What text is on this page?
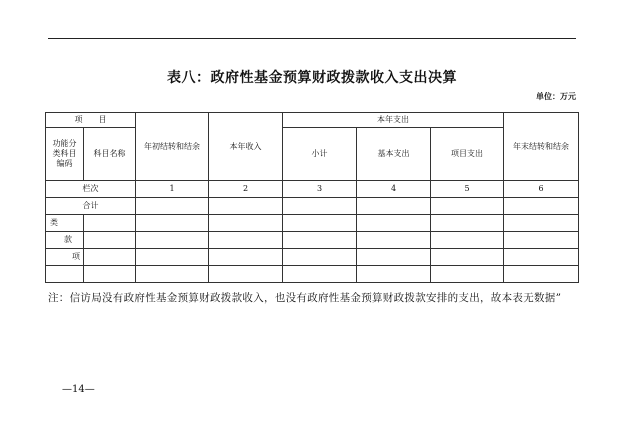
表八：政府性基金预算财政拨款收入支出决算
单位：万元
项　　目		年初结转和结余	本年收入	本年支出			年末结转和结余
功能分
类科目
编码	科目名称			小计	基本支出	项目支出	
栏次		1	2	3	4	5	6
合计							
类							
款							
项							

注：信访局没有政府性基金预算财政拨款收入，也没有政府性基金预算财政拨款安排的支出，故本表无数据”
—14—
